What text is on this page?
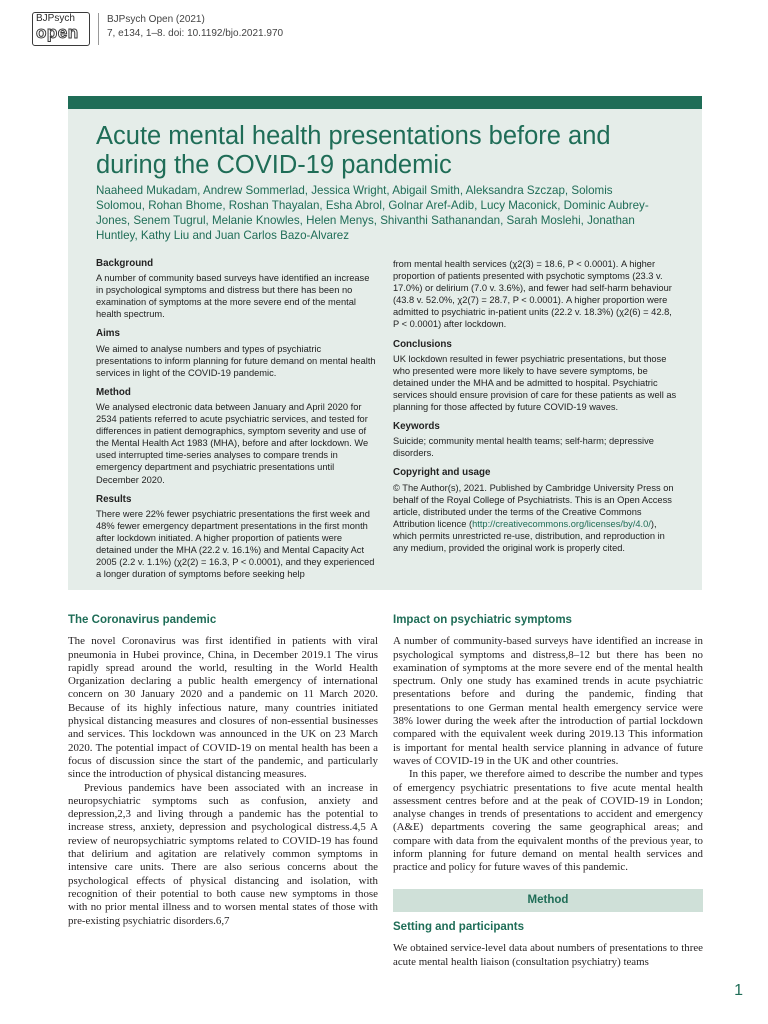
BJPsych
open
BJPsych Open (2021)
7, e134, 1–8. doi: 10.1192/bjo.2021.970
Acute mental health presentations before and during the COVID-19 pandemic
Naaheed Mukadam, Andrew Sommerlad, Jessica Wright, Abigail Smith, Aleksandra Szczap, Solomis Solomou, Rohan Bhome, Roshan Thayalan, Esha Abrol, Golnar Aref-Adib, Lucy Maconick, Dominic Aubrey-Jones, Senem Tugrul, Melanie Knowles, Helen Menys, Shivanthi Sathanandan, Sarah Moslehi, Jonathan Huntley, Kathy Liu and Juan Carlos Bazo-Alvarez
Background

A number of community based surveys have identified an increase in psychological symptoms and distress but there has been no examination of symptoms at the more severe end of the mental health spectrum.

Aims

We aimed to analyse numbers and types of psychiatric presentations to inform planning for future demand on mental health services in light of the COVID-19 pandemic.

Method

We analysed electronic data between January and April 2020 for 2534 patients referred to acute psychiatric services, and tested for differences in patient demographics, symptom severity and use of the Mental Health Act 1983 (MHA), before and after lockdown. We used interrupted time-series analyses to compare trends in emergency department and psychiatric presentations until December 2020.

Results

There were 22% fewer psychiatric presentations the first week and 48% fewer emergency department presentations in the first month after lockdown initiated. A higher proportion of patients were detained under the MHA (22.2 v. 16.1%) and Mental Capacity Act 2005 (2.2 v. 1.1%) (χ2(2) = 16.3, P < 0.0001), and they experienced a longer duration of symptoms before seeking help

from mental health services (χ2(3) = 18.6, P < 0.0001). A higher proportion of patients presented with psychotic symptoms (23.3 v. 17.0%) or delirium (7.0 v. 3.6%), and fewer had self-harm behaviour (43.8 v. 52.0%, χ2(7) = 28.7, P < 0.0001). A higher proportion were admitted to psychiatric in-patient units (22.2 v. 18.3%) (χ2(6) = 42.8, P < 0.0001) after lockdown.

Conclusions

UK lockdown resulted in fewer psychiatric presentations, but those who presented were more likely to have severe symptoms, be detained under the MHA and be admitted to hospital. Psychiatric services should ensure provision of care for these patients as well as planning for those affected by future COVID-19 waves.

Keywords

Suicide; community mental health teams; self-harm; depressive disorders.

Copyright and usage

© The Author(s), 2021. Published by Cambridge University Press on behalf of the Royal College of Psychiatrists. This is an Open Access article, distributed under the terms of the Creative Commons Attribution licence (http://creativecommons.org/licenses/by/4.0/), which permits unrestricted re-use, distribution, and reproduction in any medium, provided the original work is properly cited.

The Coronavirus pandemic

The novel Coronavirus was first identified in patients with viral pneumonia in Hubei province, China, in December 2019.1 The virus rapidly spread around the world, resulting in the World Health Organization declaring a public health emergency of international concern on 30 January 2020 and a pandemic on 11 March 2020. Because of its highly infectious nature, many countries initiated physical distancing measures and closures of non-essential businesses and services. This lockdown was announced in the UK on 23 March 2020. The potential impact of COVID-19 on mental health has been a focus of discussion since the start of the pandemic, and particularly since the introduction of physical distancing measures.

Previous pandemics have been associated with an increase in neuropsychiatric symptoms such as confusion, anxiety and depression,2,3 and living through a pandemic has the potential to increase stress, anxiety, depression and psychological distress.4,5 A review of neuropsychiatric symptoms related to COVID-19 has found that delirium and agitation are relatively common symptoms in intensive care units. There are also serious concerns about the psychological effects of physical distancing and isolation, with recognition of their potential to both cause new symptoms in those with no prior mental illness and to worsen mental states of those with pre-existing psychiatric disorders.6,7

Impact on psychiatric symptoms

A number of community-based surveys have identified an increase in psychological symptoms and distress,8–12 but there has been no examination of symptoms at the more severe end of the mental health spectrum. Only one study has examined trends in acute psychiatric presentations before and during the pandemic, finding that presentations to one German mental health emergency service were 38% lower during the week after the introduction of partial lockdown compared with the equivalent week during 2019.13 This information is important for mental health service planning in advance of future waves of COVID-19 in the UK and other countries.

In this paper, we therefore aimed to describe the number and types of emergency psychiatric presentations to five acute mental health assessment centres before and at the peak of COVID-19 in London; analyse changes in trends of presentations to accident and emergency (A&E) departments covering the same geographical areas; and compare with data from the equivalent months of the previous year, to inform planning for future demand on mental health services and practice and policy for future waves of this pandemic.

Method
Setting and participants

We obtained service-level data about numbers of presentations to three acute mental health liaison (consultation psychiatry) teams

1
